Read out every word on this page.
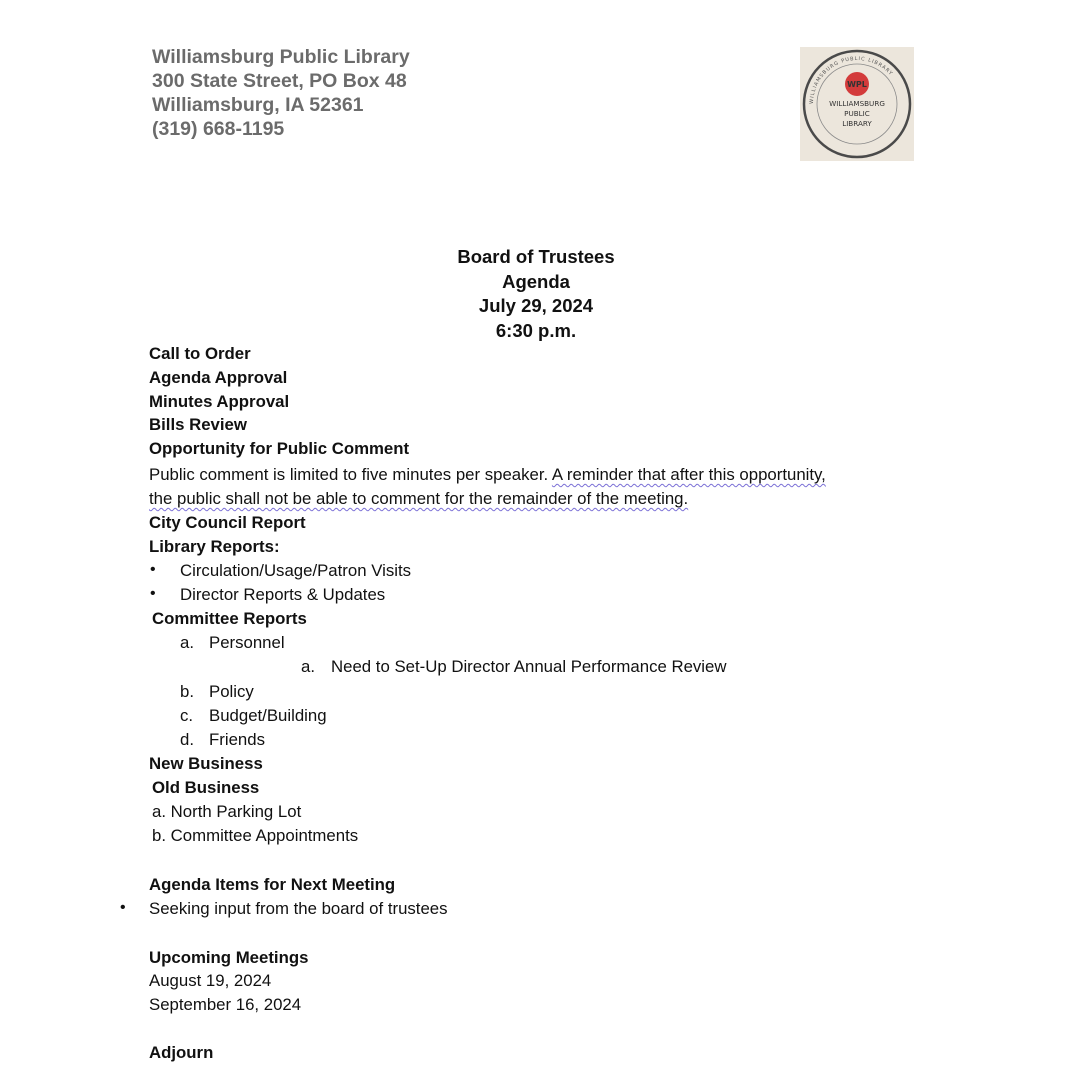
Williamsburg Public Library
300 State Street, PO Box 48
Williamsburg, IA 52361
(319) 668-1195
WILLIAMSBURG PUBLIC LIBRARY
WPL
WILLIAMSBURG
PUBLIC
LIBRARY
Board of Trustees
Agenda
July 29, 2024
6:30 p.m.
Call to Order
Agenda Approval
Minutes Approval
Bills Review
Opportunity for Public Comment
Public comment is limited to five minutes per speaker. A reminder that after this opportunity,
the public shall not be able to comment for the remainder of the meeting.
City Council Report
Library Reports:
• Circulation/Usage/Patron Visits
• Director Reports & Updates
Committee Reports
a. Personnel
a. Need to Set-Up Director Annual Performance Review
b. Policy
c. Budget/Building
d. Friends
New Business
Old Business
a. North Parking Lot
b. Committee Appointments
Agenda Items for Next Meeting
• Seeking input from the board of trustees
Upcoming Meetings
August 19, 2024
September 16, 2024
Adjourn
